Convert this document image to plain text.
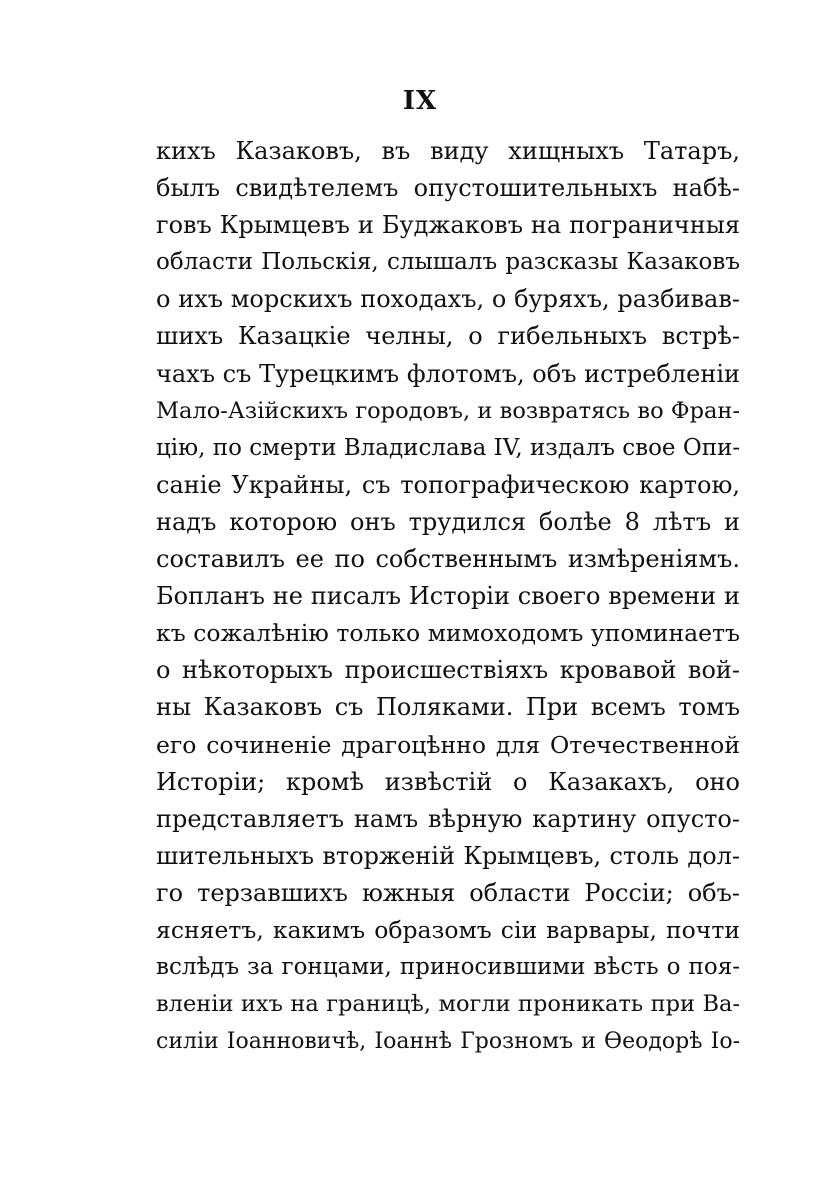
IX
кихъ Казаковъ, въ виду хищныхъ Татаръ,
былъ свидѣтелемъ опустошительныхъ набѣ-
говъ Крымцевъ и Буджаковъ на пограничныя
области Польскія, слышалъ разсказы Казаковъ
о ихъ морскихъ походахъ, о буряхъ, разбивав-
шихъ Казацкіе челны, о гибельныхъ встрѣ-
чахъ съ Турецкимъ флотомъ, объ истребленіи
Мало-Азійскихъ городовъ, и возвратясь во Фран-
цію, по смерти Владислава IV, издалъ свое Опи-
саніе Украйны, съ топографическою картою,
надъ которою онъ трудился болѣе 8 лѣтъ и
составилъ ее по собственнымъ измѣреніямъ.
Бопланъ не писалъ Исторіи своего времени и
къ сожалѣнію только мимоходомъ упоминаетъ
о нѣкоторыхъ происшествіяхъ кровавой вой-
ны Казаковъ съ Поляками. При всемъ томъ
его сочиненіе драгоцѣнно для Отечественной
Исторіи; кромѣ извѣстій о Казакахъ, оно
представляетъ намъ вѣрную картину опусто-
шительныхъ вторженій Крымцевъ, столь дол-
го терзавшихъ южныя области Россіи; объ-
ясняетъ, какимъ образомъ сіи варвары, почти
вслѣдъ за гонцами, приносившими вѣсть о поя-
вленіи ихъ на границѣ, могли проникать при Ва-
силіи Іоанновичѣ, Іоаннѣ Грозномъ и Ѳеодорѣ Іо-
